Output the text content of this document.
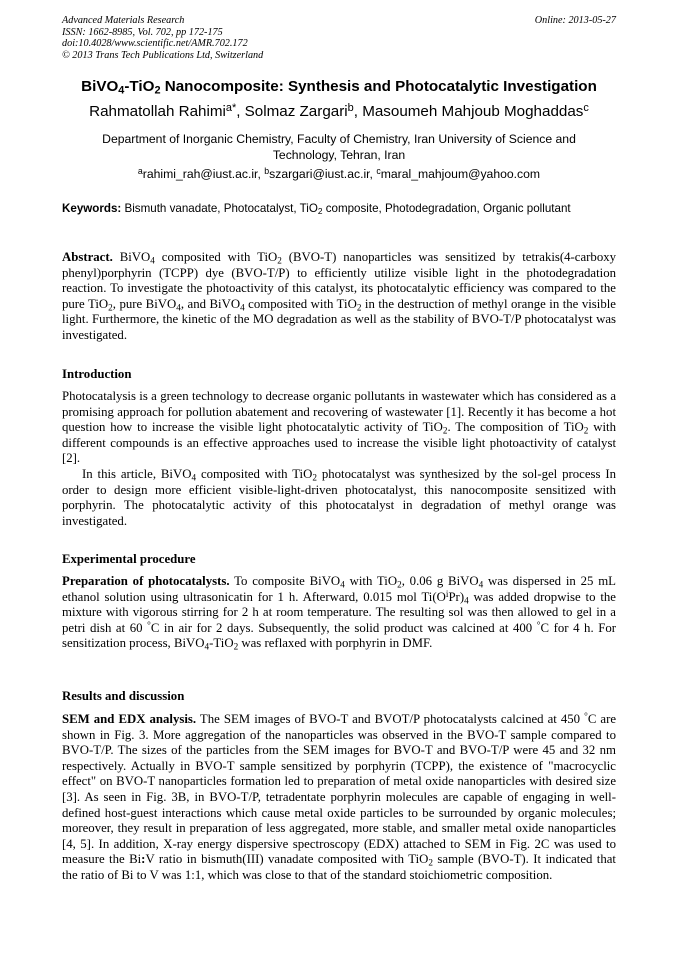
Advanced Materials Research
ISSN: 1662-8985, Vol. 702, pp 172-175
doi:10.4028/www.scientific.net/AMR.702.172
© 2013 Trans Tech Publications Ltd, Switzerland
Online: 2013-05-27
BiVO$_4$-TiO$_2$ Nanocomposite: Synthesis and Photocatalytic Investigation
Rahmatollah Rahimi$^{a*}$, Solmaz Zargari$^b$, Masoumeh Mahjoub Moghaddas$^c$
Department of Inorganic Chemistry, Faculty of Chemistry, Iran University of Science and Technology, Tehran, Iran
$^a$rahimi_rah@iust.ac.ir, $^b$szargari@iust.ac.ir, $^c$maral_mahjoum@yahoo.com
Keywords: Bismuth vanadate, Photocatalyst, TiO$_2$ composite, Photodegradation, Organic pollutant

Abstract. BiVO$_4$ composited with TiO$_2$ (BVO-T) nanoparticles was sensitized by tetrakis(4-carboxy phenyl)porphyrin (TCPP) dye (BVO-T/P) to efficiently utilize visible light in the photodegradation reaction. To investigate the photoactivity of this catalyst, its photocatalytic efficiency was compared to the pure TiO$_2$, pure BiVO$_4$, and BiVO$_4$ composited with TiO$_2$ in the destruction of methyl orange in the visible light. Furthermore, the kinetic of the MO degradation as well as the stability of BVO-T/P photocatalyst was investigated.

Introduction

Photocatalysis is a green technology to decrease organic pollutants in wastewater which has considered as a promising approach for pollution abatement and recovering of wastewater [1]. Recently it has become a hot question how to increase the visible light photocatalytic activity of TiO$_2$. The composition of TiO$_2$ with different compounds is an effective approaches used to increase the visible light photoactivity of catalyst [2].

In this article, BiVO$_4$ composited with TiO$_2$ photocatalyst was synthesized by the sol-gel process In order to design more efficient visible-light-driven photocatalyst, this nanocomposite sensitized with porphyrin. The photocatalytic activity of this photocatalyst in degradation of methyl orange was investigated.

Experimental procedure

Preparation of photocatalysts. To composite BiVO$_4$ with TiO$_2$, 0.06 g BiVO$_4$ was dispersed in 25 mL ethanol solution using ultrasonicatin for 1 h. Afterward, 0.015 mol $Ti(O^iPr)_4$ was added dropwise to the mixture with vigorous stirring for 2 h at room temperature. The resulting sol was then allowed to gel in a petri dish at 60 °C in air for 2 days. Subsequently, the solid product was calcined at 400 °C for 4 h. For sensitization process, BiVO$_4$-TiO$_2$ was reflaxed with porphyrin in DMF.

Results and discussion

SEM and EDX analysis. The SEM images of BVO-T and BVOT/P photocatalysts calcined at 450 °C are shown in Fig. 3. More aggregation of the nanoparticles was observed in the BVO-T sample compared to BVO-T/P. The sizes of the particles from the SEM images for BVO-T and BVO-T/P were 45 and 32 nm respectively. Actually in BVO-T sample sensitized by porphyrin (TCPP), the existence of "macrocyclic effect" on BVO-T nanoparticles formation led to preparation of metal oxide nanoparticles with desired size [3]. As seen in Fig. 3B, in BVO-T/P, tetradentate porphyrin molecules are capable of engaging in well-defined host-guest interactions which cause metal oxide particles to be surrounded by organic molecules; moreover, they result in preparation of less aggregated, more stable, and smaller metal oxide nanoparticles [4, 5]. In addition, X-ray energy dispersive spectroscopy (EDX) attached to SEM in Fig. 2C was used to measure the Bi:V ratio in bismuth(III) vanadate composited with TiO$_2$ sample (BVO-T). It indicated that the ratio of Bi to V was 1:1, which was close to that of the standard stoichiometric composition.
